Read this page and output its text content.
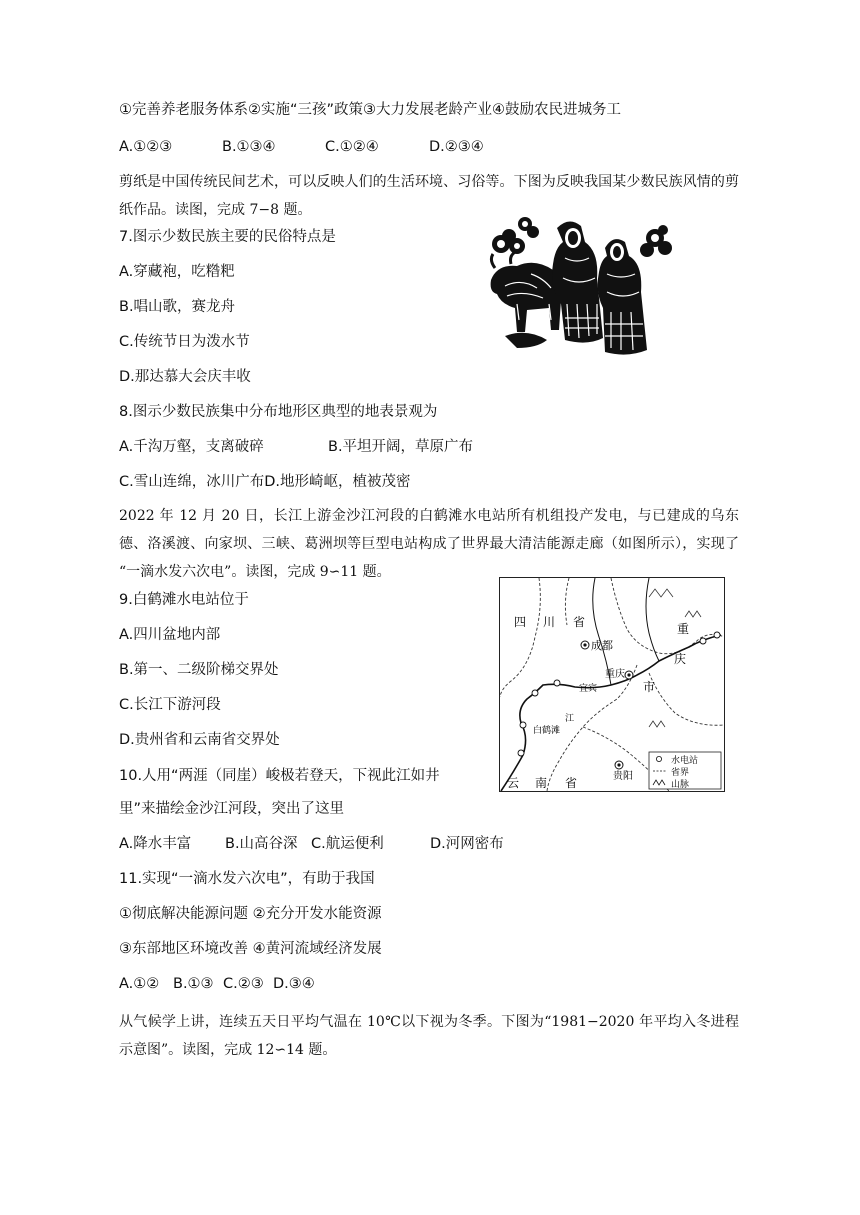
①完善养老服务体系②实施“三孩”政策③大力发展老龄产业④鼓励农民进城务工
A.①②③	B.①③④	C.①②④	D.②③④
剪纸是中国传统民间艺术，可以反映人们的生活环境、习俗等。下图为反映我国某少数民族风情的剪纸作品。读图，完成 7−8 题。
7.图示少数民族主要的民俗特点是
A.穿藏袍，吃糌粑
B.唱山歌，赛龙舟
C.传统节日为泼水节
D.那达慕大会庆丰收
8.图示少数民族集中分布地形区典型的地表景观为
A.千沟万壑，支离破碎	B.平坦开阔，草原广布
C.雪山连绵，冰川广布D.地形崎岖，植被茂密
2022 年 12 月 20 日，长江上游金沙江河段的白鹤滩水电站所有机组投产发电，与已建成的乌东德、洛溪渡、向家坝、三峡、葛洲坝等巨型电站构成了世界最大清洁能源走廊（如图所示），实现了 “一滴水发六次电”。读图，完成 9∽11 题。
9.白鹤滩水电站位于
A.四川盆地内部
B.第一、二级阶梯交界处
C.长江下游河段
D.贵州省和云南省交界处
四 川 省	重
庆
市
云 南 省
成都
重庆
贵阳
宜宾
白鹤滩
江
水电站
省界
山脉
10.人用“两涯（同崖）峻极若登天，下视此江如井
里”来描绘金沙江河段，突出了这里
A.降水丰富 B.山高谷深 C.航运便利	D.河网密布
11.实现“一滴水发六次电”，有助于我国
①彻底解决能源问题 ②充分开发水能资源
③东部地区环境改善 ④黄河流域经济发展
A.①② B.①③ C.②③ D.③④
从气候学上讲，连续五天日平均气温在 10℃以下视为冬季。下图为“1981−2020 年平均入冬进程示意图”。读图，完成 12∽14 题。
